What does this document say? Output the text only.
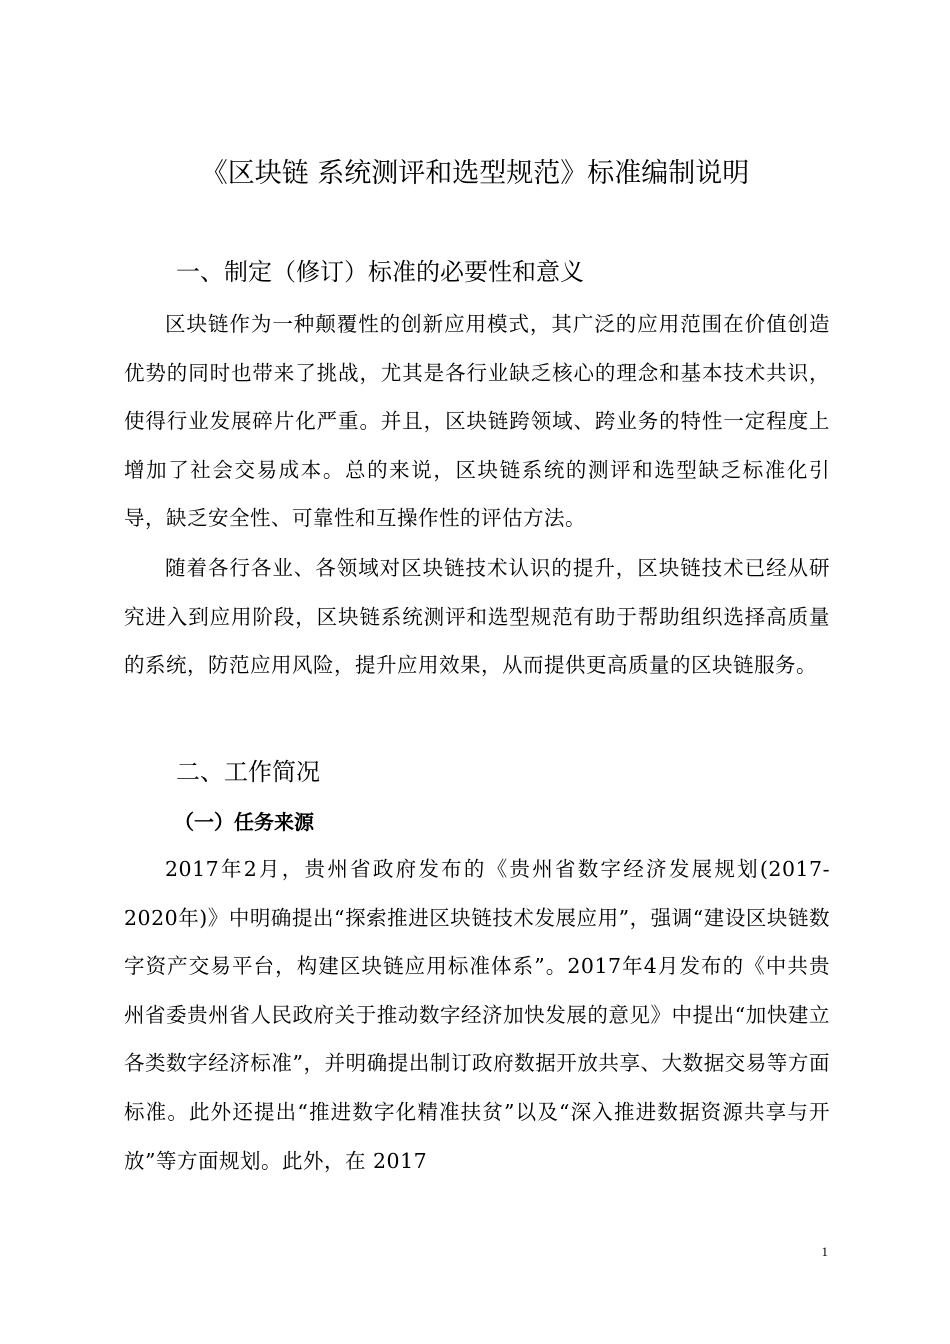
《区块链 系统测评和选型规范》标准编制说明
一、制定（修订）标准的必要性和意义

区块链作为一种颠覆性的创新应用模式，其广泛的应用范围在价值创造优势的同时也带来了挑战，尤其是各行业缺乏核心的理念和基本技术共识，使得行业发展碎片化严重。并且，区块链跨领域、跨业务的特性一定程度上增加了社会交易成本。总的来说，区块链系统的测评和选型缺乏标准化引导，缺乏安全性、可靠性和互操作性的评估方法。

随着各行各业、各领域对区块链技术认识的提升，区块链技术已经从研究进入到应用阶段，区块链系统测评和选型规范有助于帮助组织选择高质量的系统，防范应用风险，提升应用效果，从而提供更高质量的区块链服务。

二、工作简况
（一）任务来源

2017年2月，贵州省政府发布的《贵州省数字经济发展规划(2017-2020年)》中明确提出“探索推进区块链技术发展应用”，强调“建设区块链数字资产交易平台，构建区块链应用标准体系”。2017年4月发布的《中共贵州省委贵州省人民政府关于推动数字经济加快发展的意见》中提出“加快建立各类数字经济标准”，并明确提出制订政府数据开放共享、大数据交易等方面标准。此外还提出“推进数字化精准扶贫”以及“深入推进数据资源共享与开放”等方面规划。此外，在 2017

1
